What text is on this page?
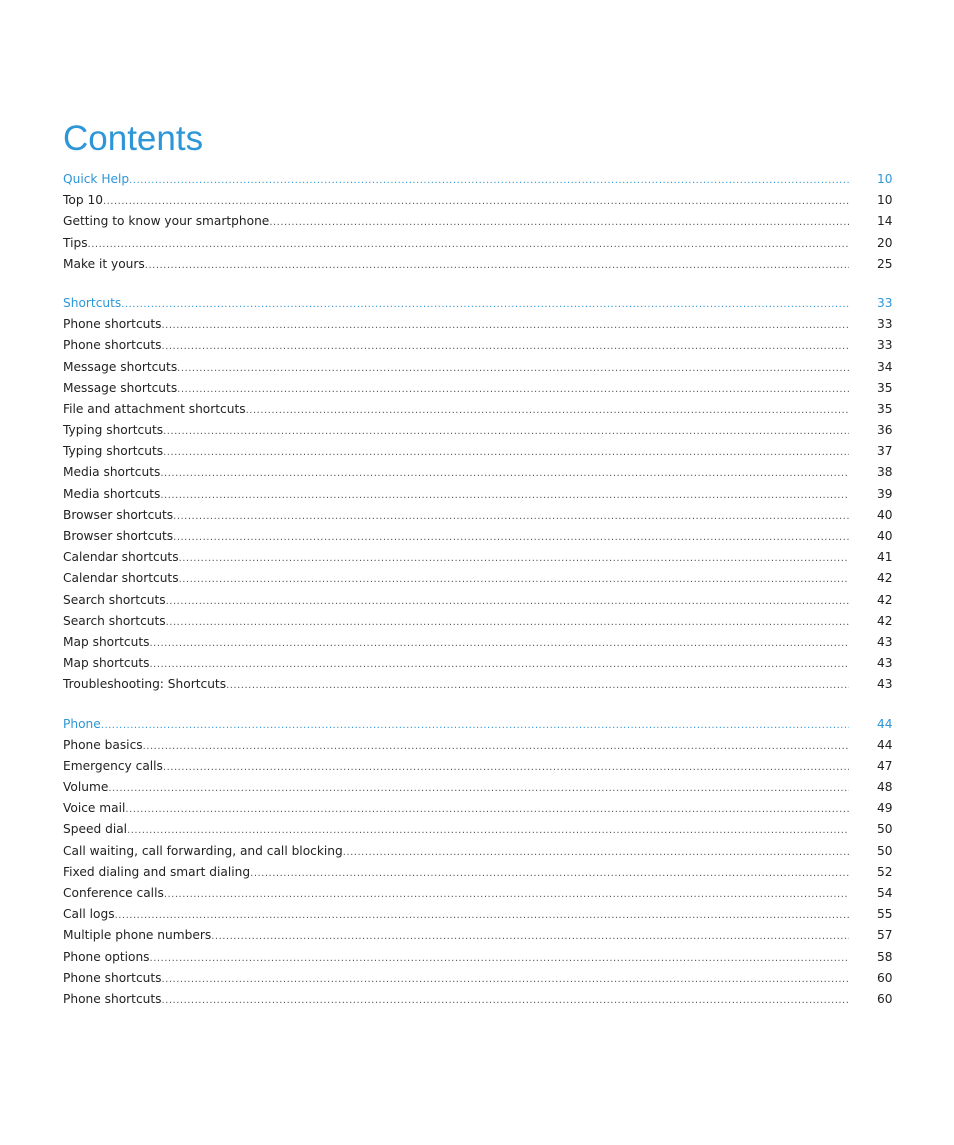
Contents
Quick Help .....	10
Top 10 .....	10
Getting to know your smartphone .....	14
Tips .....	20
Make it yours .....	25
Shortcuts .....	33
Phone shortcuts .....	33
Phone shortcuts .....	33
Message shortcuts .....	34
Message shortcuts .....	35
File and attachment shortcuts .....	35
Typing shortcuts .....	36
Typing shortcuts .....	37
Media shortcuts .....	38
Media shortcuts .....	39
Browser shortcuts .....	40
Browser shortcuts .....	40
Calendar shortcuts .....	41
Calendar shortcuts .....	42
Search shortcuts .....	42
Search shortcuts .....	42
Map shortcuts .....	43
Map shortcuts .....	43
Troubleshooting: Shortcuts .....	43
Phone .....	44
Phone basics .....	44
Emergency calls .....	47
Volume .....	48
Voice mail .....	49
Speed dial .....	50
Call waiting, call forwarding, and call blocking .....	50
Fixed dialing and smart dialing .....	52
Conference calls .....	54
Call logs .....	55
Multiple phone numbers .....	57
Phone options .....	58
Phone shortcuts .....	60
Phone shortcuts .....	60
